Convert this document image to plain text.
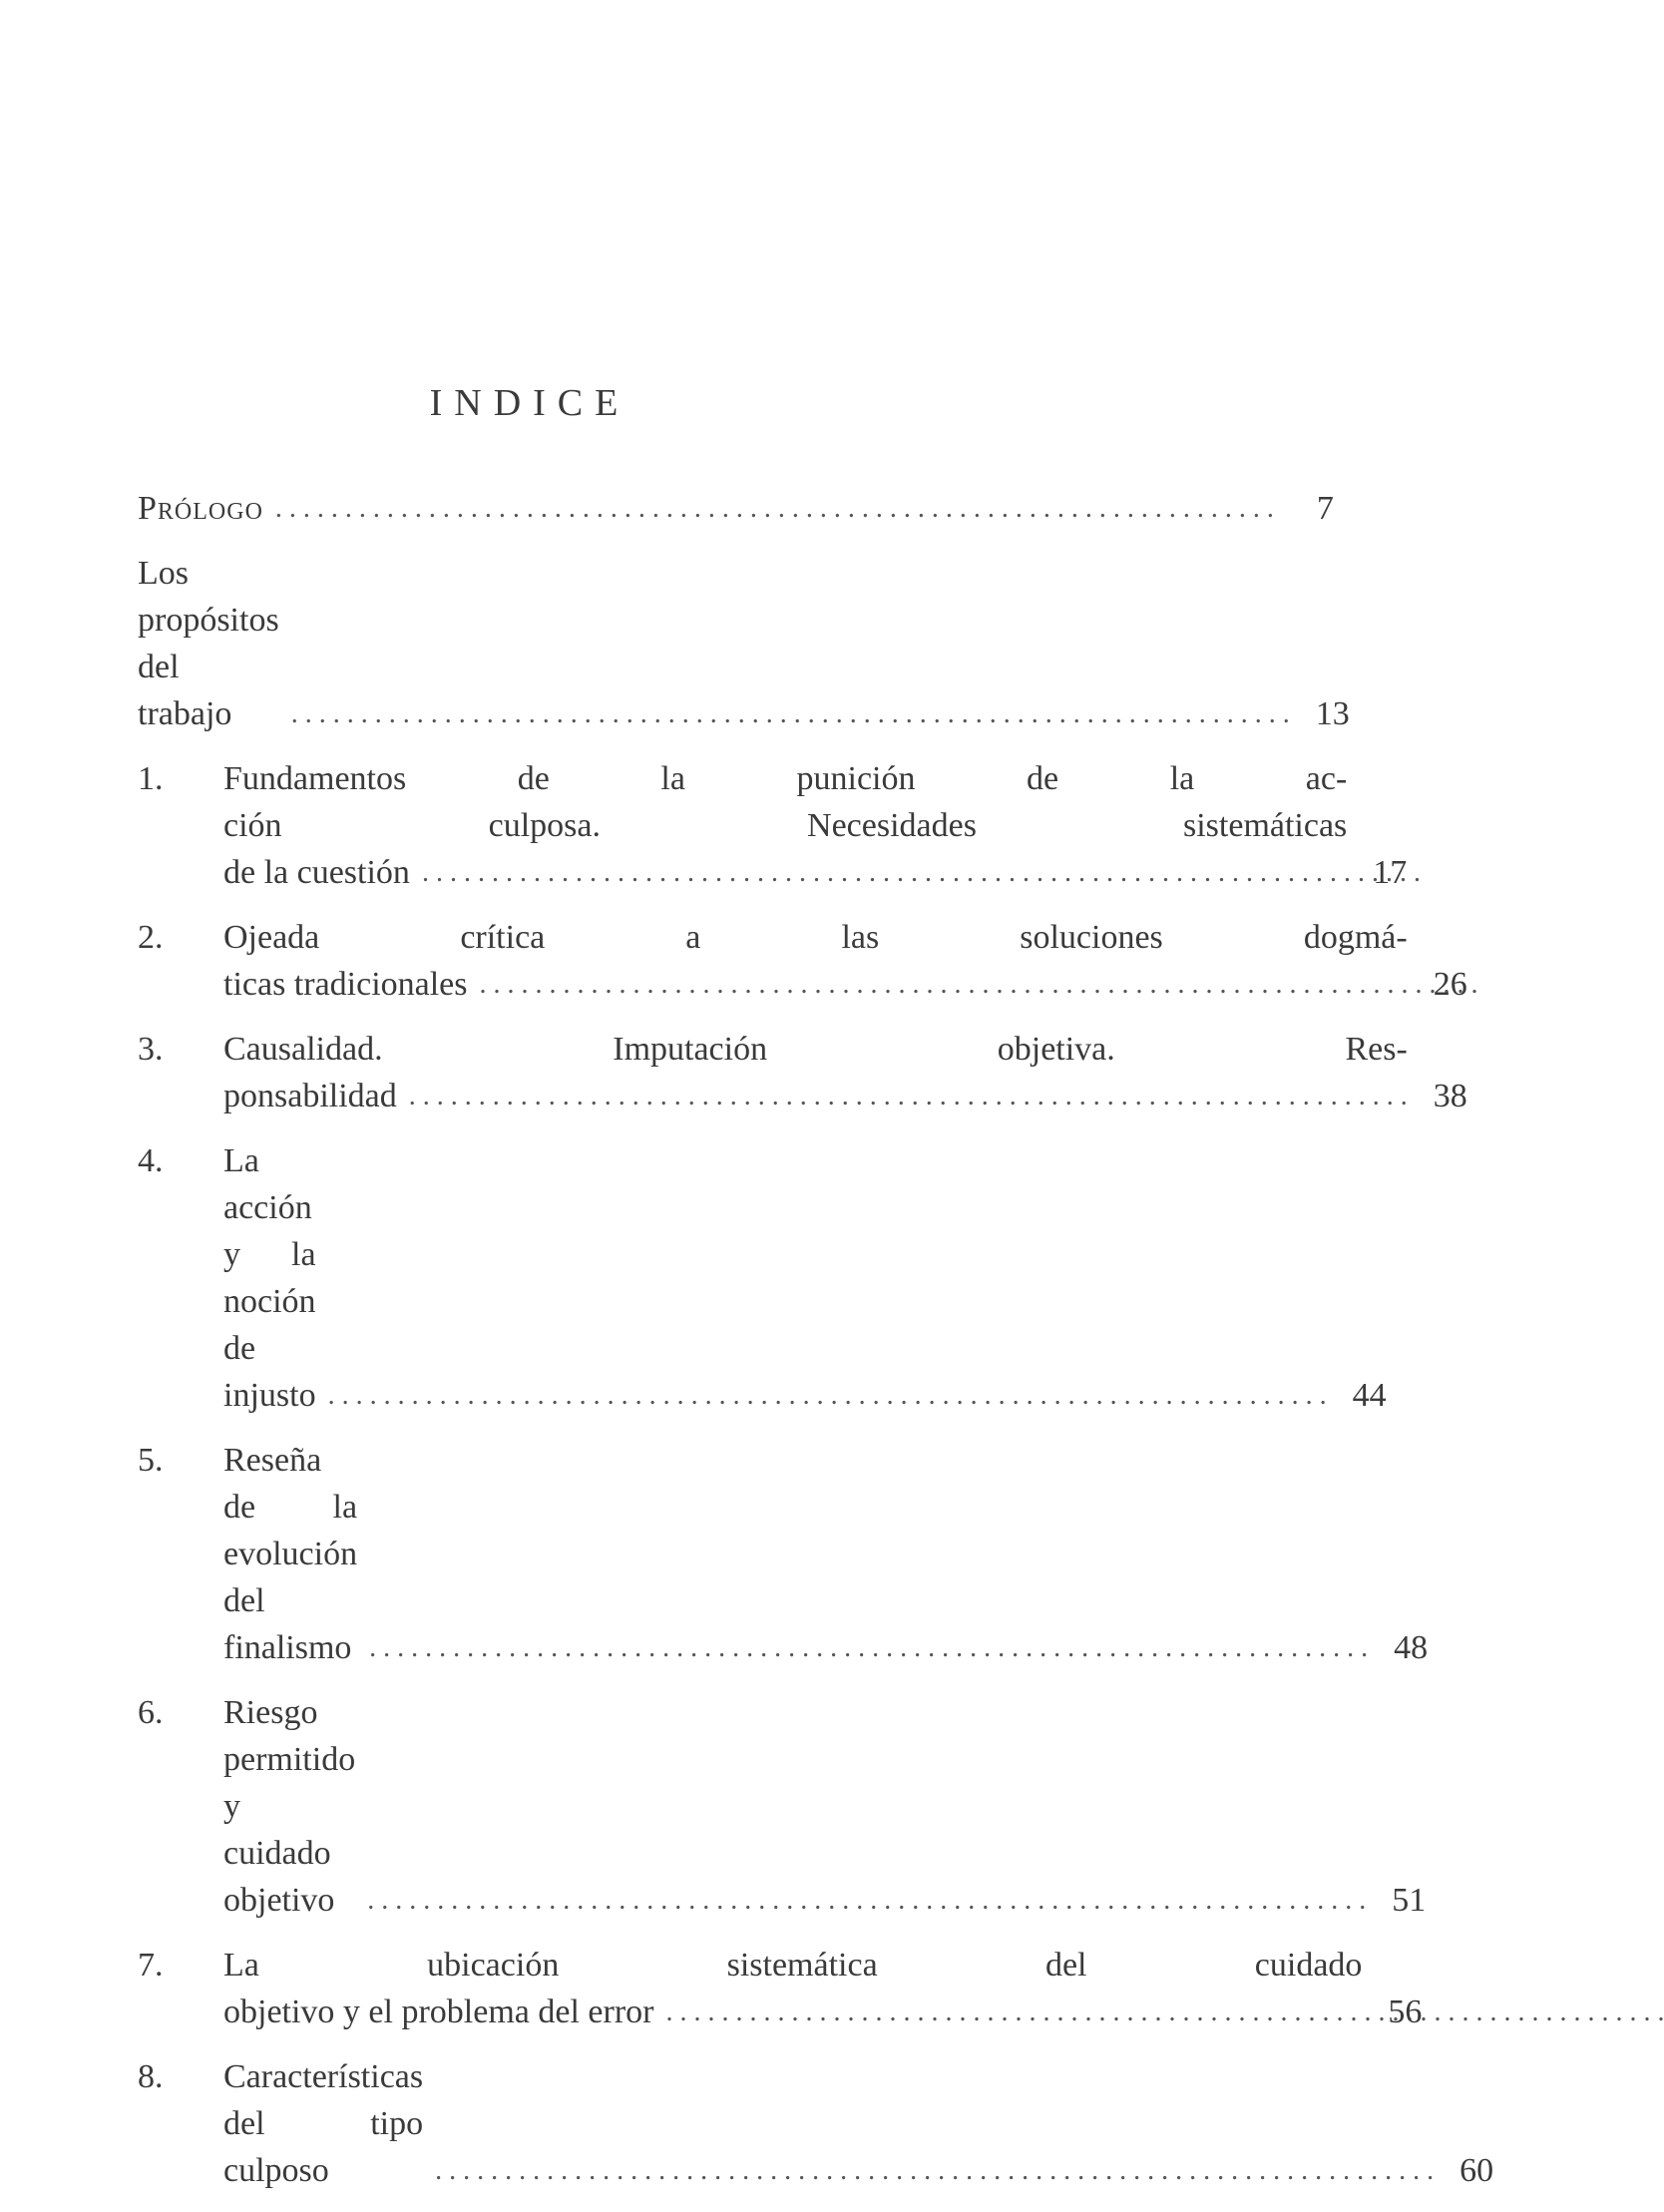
INDICE
Prólogo . . .	7
Los propósitos del trabajo . . .	13
1.	Fundamentos de la punición de la ac-
ción culposa. Necesidades sistemáticas
de la cuestión . . .	17
2.	Ojeada crítica a las soluciones dogmá-
ticas tradicionales . . .	26
3.	Causalidad. Imputación objetiva. Res-
ponsabilidad . . .	38
4.	La acción y la noción de injusto . . .	44
5.	Reseña de la evolución del finalismo . . .	48
6.	Riesgo permitido y cuidado objetivo . . .	51
7.	La ubicación sistemática del cuidado
objetivo y el problema del error . . .	56
8.	Características del tipo culposo . . .	60
